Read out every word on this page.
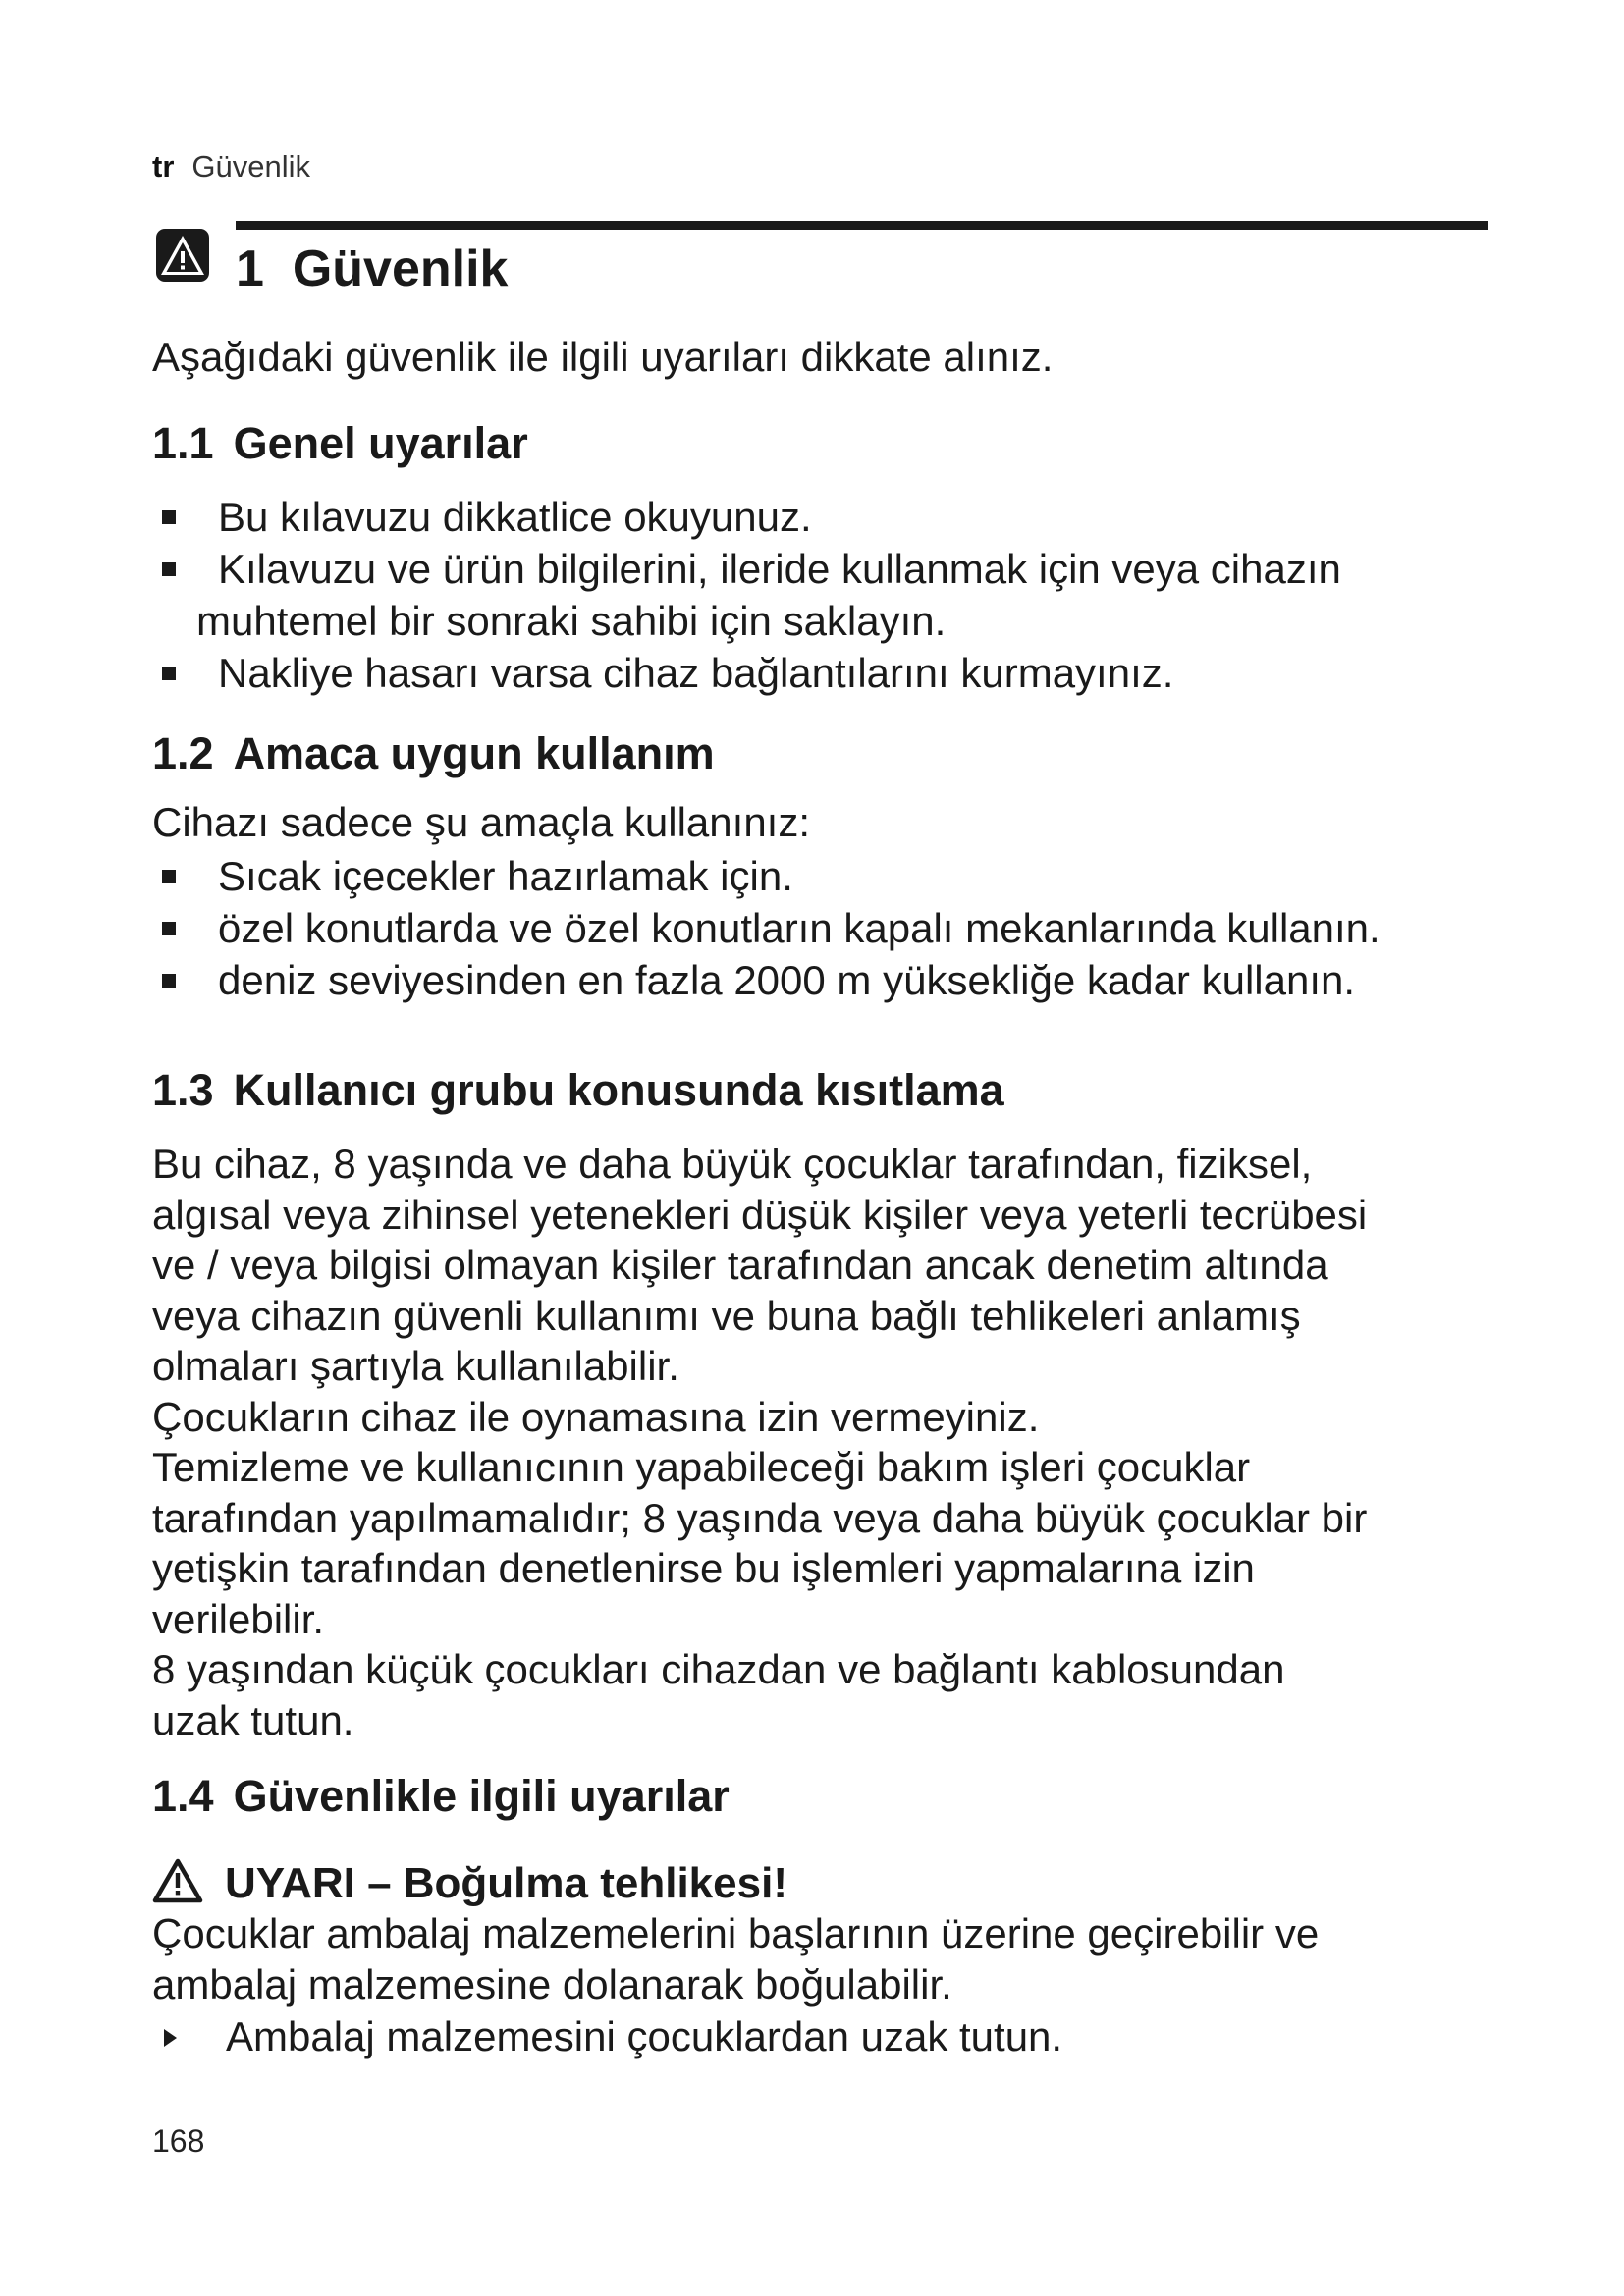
tr Güvenlik
1 Güvenlik

Aşağıdaki güvenlik ile ilgili uyarıları dikkate alınız.

1.1 Genel uyarılar
Bu kılavuzu dikkatlice okuyunuz.
Kılavuzu ve ürün bilgilerini, ileride kullanmak için veya cihazın
muhtemel bir sonraki sahibi için saklayın.
Nakliye hasarı varsa cihaz bağlantılarını kurmayınız.
1.2 Amaca uygun kullanım

Cihazı sadece şu amaçla kullanınız:

Sıcak içecekler hazırlamak için.
özel konutlarda ve özel konutların kapalı mekanlarında kullanın.
deniz seviyesinden en fazla 2000 m yüksekliğe kadar kullanın.
1.3 Kullanıcı grubu konusunda kısıtlama
Bu cihaz, 8 yaşında ve daha büyük çocuklar tarafından, fiziksel,
algısal veya zihinsel yetenekleri düşük kişiler veya yeterli tecrübesi
ve / veya bilgisi olmayan kişiler tarafından ancak denetim altında
veya cihazın güvenli kullanımı ve buna bağlı tehlikeleri anlamış
olmaları şartıyla kullanılabilir.
Çocukların cihaz ile oynamasına izin vermeyiniz.
Temizleme ve kullanıcının yapabileceği bakım işleri çocuklar
tarafından yapılmamalıdır; 8 yaşında veya daha büyük çocuklar bir
yetişkin tarafından denetlenirse bu işlemleri yapmalarına izin
verilebilir.
8 yaşından küçük çocukları cihazdan ve bağlantı kablosundan
uzak tutun.
1.4 Güvenlikle ilgili uyarılar
UYARI – Boğulma tehlikesi!
Çocuklar ambalaj malzemelerini başlarının üzerine geçirebilir ve
ambalaj malzemesine dolanarak boğulabilir.
Ambalaj malzemesini çocuklardan uzak tutun.
168
